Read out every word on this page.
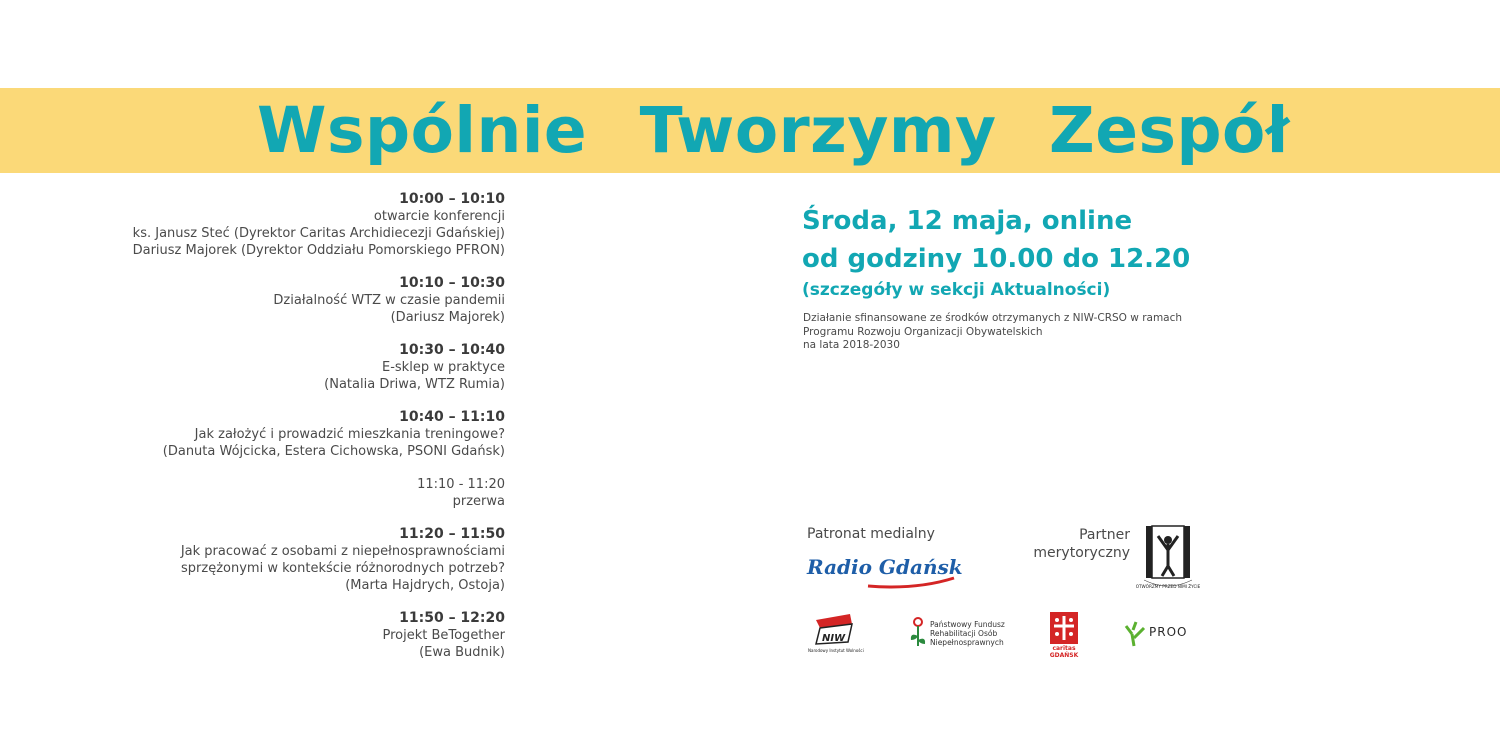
Wspólnie Tworzymy Zespół
10:00 – 10:10
otwarcie konferencji
ks. Janusz Steć (Dyrektor Caritas Archidiecezji Gdańskiej)
Dariusz Majorek (Dyrektor Oddziału Pomorskiego PFRON)
10:10 – 10:30
Działalność WTZ w czasie pandemii
(Dariusz Majorek)
10:30 – 10:40
E-sklep w praktyce
(Natalia Driwa, WTZ Rumia)
10:40 – 11:10
Jak założyć i prowadzić mieszkania treningowe?
(Danuta Wójcicka, Estera Cichowska, PSONI Gdańsk)
11:10 - 11:20
przerwa
11:20 – 11:50
Jak pracować z osobami z niepełnosprawnościami
sprzężonymi w kontekście różnorodnych potrzeb?
(Marta Hajdrych, Ostoja)
11:50 – 12:20
Projekt BeTogether
(Ewa Budnik)
Środa, 12 maja, online
od godziny 10.00 do 12.20
(szczegóły w sekcji Aktualności)
Działanie sfinansowane ze środków otrzymanych z NIW-CRSO w ramach
Programu Rozwoju Organizacji Obywatelskich
na lata 2018-2030
Patronat medialny
Radio Gdańsk
Partner
merytoryczny
OTWÓRZMY PRZED NIMI ŻYCIE
NIW
Narodowy Instytut Wolności
Państwowy Fundusz
Rehabilitacji Osób
Niepełnosprawnych
caritas
GDAŃSK
PROO
